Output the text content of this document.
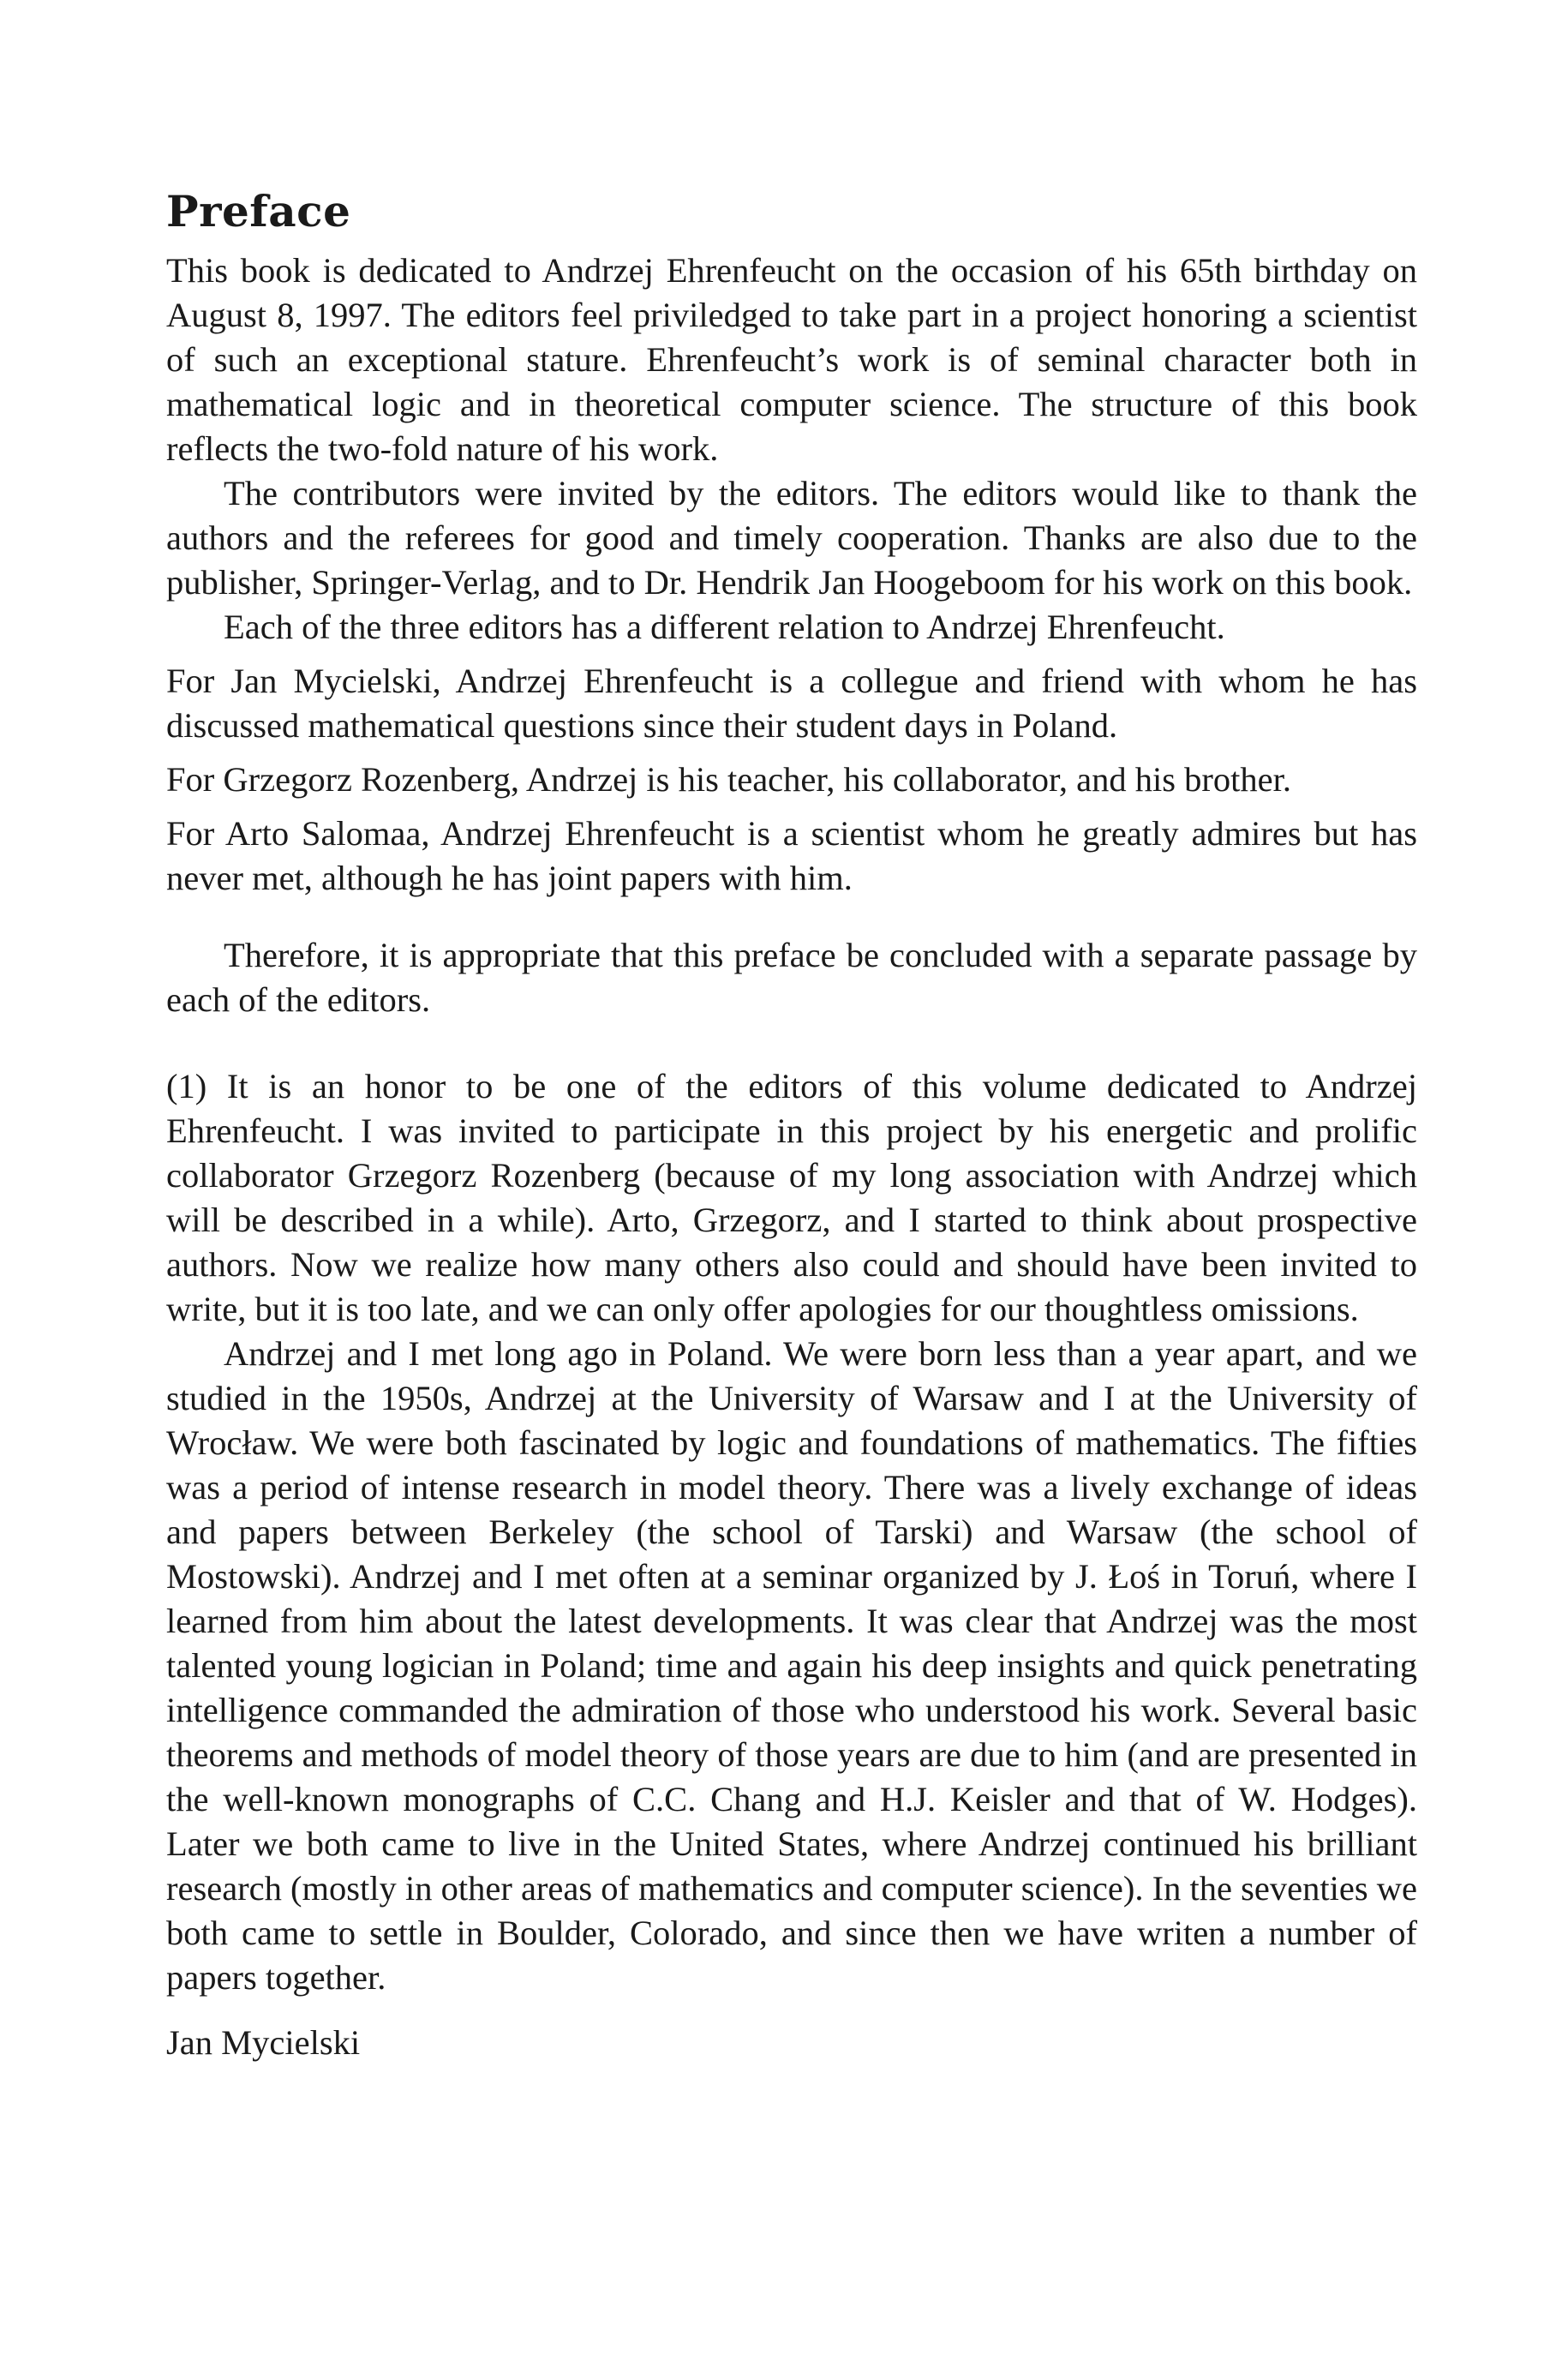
Preface

This book is dedicated to Andrzej Ehrenfeucht on the occasion of his 65th birthday on August 8, 1997. The editors feel priviledged to take part in a project honoring a scientist of such an exceptional stature. Ehrenfeucht’s work is of seminal character both in mathematical logic and in theoretical computer science. The structure of this book reflects the two-fold nature of his work.

The contributors were invited by the editors. The editors would like to thank the authors and the referees for good and timely cooperation. Thanks are also due to the publisher, Springer-Verlag, and to Dr. Hendrik Jan Hoogeboom for his work on this book.

Each of the three editors has a different relation to Andrzej Ehrenfeucht.

For Jan Mycielski, Andrzej Ehrenfeucht is a collegue and friend with whom he has discussed mathematical questions since their student days in Poland.

For Grzegorz Rozenberg, Andrzej is his teacher, his collaborator, and his brother.

For Arto Salomaa, Andrzej Ehrenfeucht is a scientist whom he greatly admires but has never met, although he has joint papers with him.

Therefore, it is appropriate that this preface be concluded with a separate passage by each of the editors.

(1) It is an honor to be one of the editors of this volume dedicated to Andrzej Ehrenfeucht. I was invited to participate in this project by his energetic and prolific collaborator Grzegorz Rozenberg (because of my long association with Andrzej which will be described in a while). Arto, Grzegorz, and I started to think about prospective authors. Now we realize how many others also could and should have been invited to write, but it is too late, and we can only offer apologies for our thoughtless omissions.

Andrzej and I met long ago in Poland. We were born less than a year apart, and we studied in the 1950s, Andrzej at the University of Warsaw and I at the University of Wrocław. We were both fascinated by logic and foundations of mathematics. The fifties was a period of intense research in model theory. There was a lively exchange of ideas and papers between Berkeley (the school of Tarski) and Warsaw (the school of Mostowski). Andrzej and I met often at a seminar organized by J. Łoś in Toruń, where I learned from him about the latest developments. It was clear that Andrzej was the most talented young logician in Poland; time and again his deep insights and quick penetrating intelligence commanded the admiration of those who understood his work. Several basic theorems and methods of model theory of those years are due to him (and are presented in the well-known monographs of C.C. Chang and H.J. Keisler and that of W. Hodges). Later we both came to live in the United States, where Andrzej continued his brilliant research (mostly in other areas of mathematics and computer science). In the seventies we both came to settle in Boulder, Colorado, and since then we have writen a number of papers together.

Jan Mycielski
